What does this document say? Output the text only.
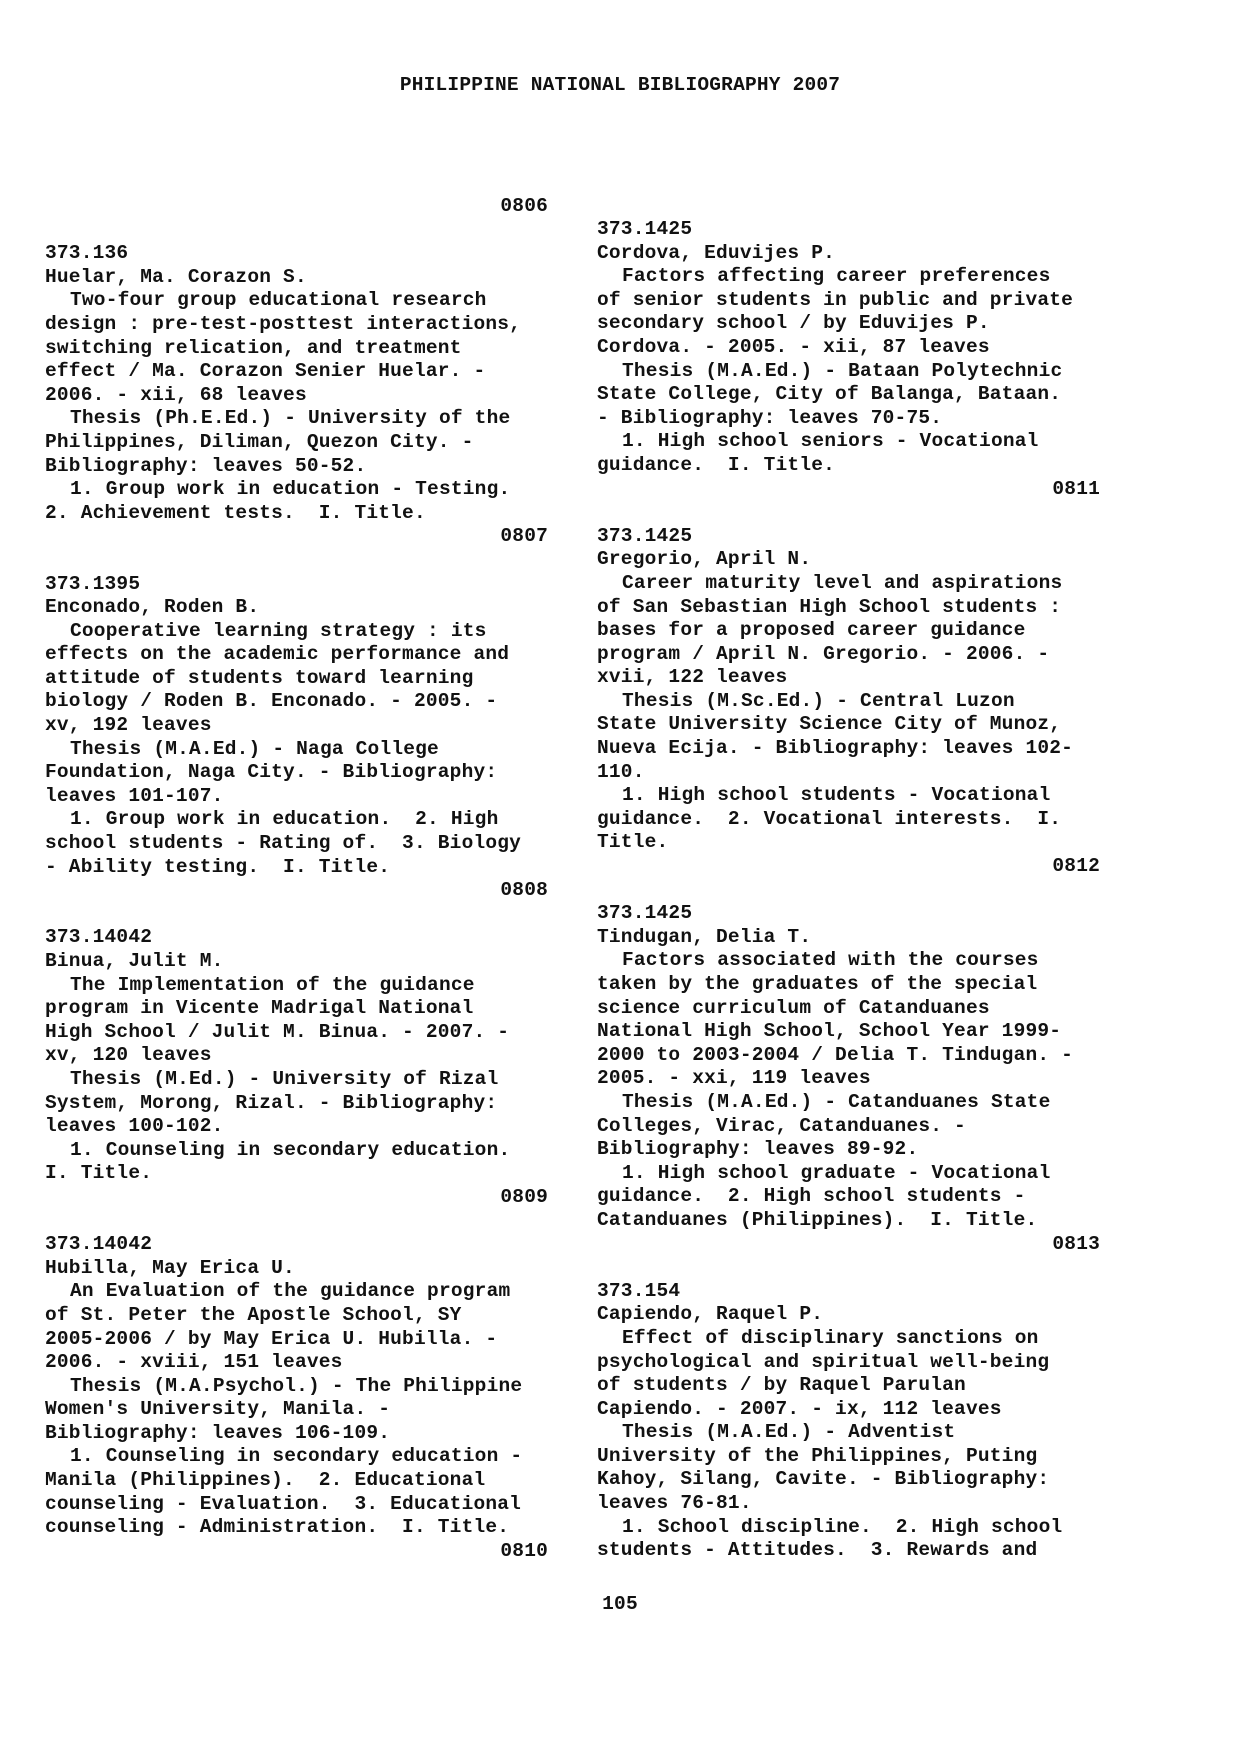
PHILIPPINE NATIONAL BIBLIOGRAPHY 2007
0806
373.136
Huelar, Ma. Corazon S.
Two-four group educational research
design : pre-test-posttest interactions,
switching relication, and treatment
effect / Ma. Corazon Senier Huelar. -
2006. - xii, 68 leaves
Thesis (Ph.E.Ed.) - University of the
Philippines, Diliman, Quezon City. -
Bibliography: leaves 50-52.
1. Group work in education - Testing.
2. Achievement tests.  I. Title.
0807
373.1395
Enconado, Roden B.
Cooperative learning strategy : its
effects on the academic performance and
attitude of students toward learning
biology / Roden B. Enconado. - 2005. -
xv, 192 leaves
Thesis (M.A.Ed.) - Naga College
Foundation, Naga City. - Bibliography:
leaves 101-107.
1. Group work in education.  2. High
school students - Rating of.  3. Biology
- Ability testing.  I. Title.
0808
373.14042
Binua, Julit M.
The Implementation of the guidance
program in Vicente Madrigal National
High School / Julit M. Binua. - 2007. -
xv, 120 leaves
Thesis (M.Ed.) - University of Rizal
System, Morong, Rizal. - Bibliography:
leaves 100-102.
1. Counseling in secondary education.
I. Title.
0809
373.14042
Hubilla, May Erica U.
An Evaluation of the guidance program
of St. Peter the Apostle School, SY
2005-2006 / by May Erica U. Hubilla. -
2006. - xviii, 151 leaves
Thesis (M.A.Psychol.) - The Philippine
Women's University, Manila. -
Bibliography: leaves 106-109.
1. Counseling in secondary education -
Manila (Philippines).  2. Educational
counseling - Evaluation.  3. Educational
counseling - Administration.  I. Title.
0810
373.1425
Cordova, Eduvijes P.
Factors affecting career preferences
of senior students in public and private
secondary school / by Eduvijes P.
Cordova. - 2005. - xii, 87 leaves
Thesis (M.A.Ed.) - Bataan Polytechnic
State College, City of Balanga, Bataan.
- Bibliography: leaves 70-75.
1. High school seniors - Vocational
guidance.  I. Title.
0811
373.1425
Gregorio, April N.
Career maturity level and aspirations
of San Sebastian High School students :
bases for a proposed career guidance
program / April N. Gregorio. - 2006. -
xvii, 122 leaves
Thesis (M.Sc.Ed.) - Central Luzon
State University Science City of Munoz,
Nueva Ecija. - Bibliography: leaves 102-
110.
1. High school students - Vocational
guidance.  2. Vocational interests.  I.
Title.
0812
373.1425
Tindugan, Delia T.
Factors associated with the courses
taken by the graduates of the special
science curriculum of Catanduanes
National High School, School Year 1999-
2000 to 2003-2004 / Delia T. Tindugan. -
2005. - xxi, 119 leaves
Thesis (M.A.Ed.) - Catanduanes State
Colleges, Virac, Catanduanes. -
Bibliography: leaves 89-92.
1. High school graduate - Vocational
guidance.  2. High school students -
Catanduanes (Philippines).  I. Title.
0813
373.154
Capiendo, Raquel P.
Effect of disciplinary sanctions on
psychological and spiritual well-being
of students / by Raquel Parulan
Capiendo. - 2007. - ix, 112 leaves
Thesis (M.A.Ed.) - Adventist
University of the Philippines, Puting
Kahoy, Silang, Cavite. - Bibliography:
leaves 76-81.
1. School discipline.  2. High school
students - Attitudes.  3. Rewards and
105
